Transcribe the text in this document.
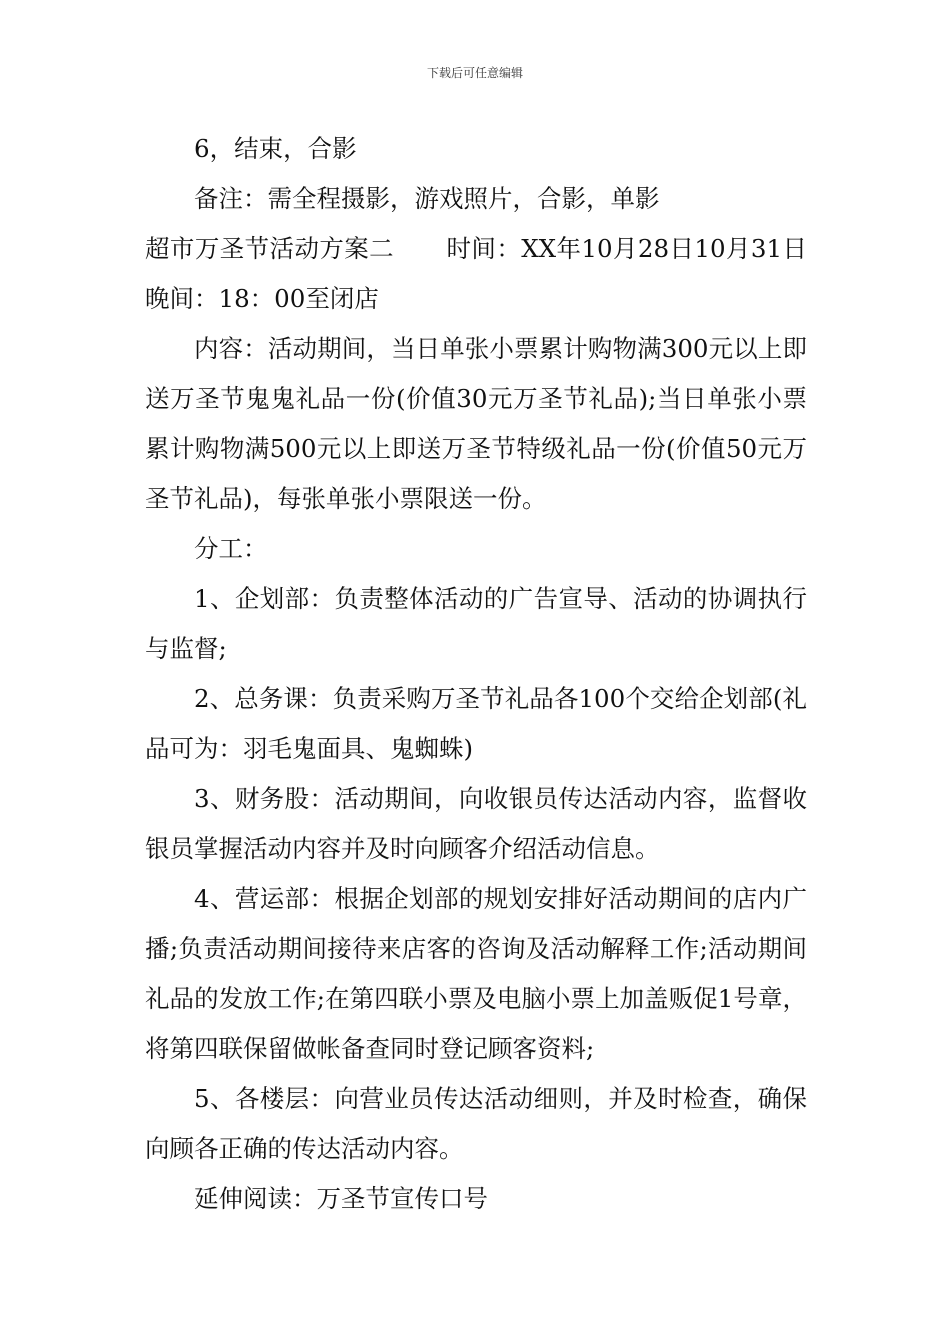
下载后可任意编辑

6，结束，合影

备注：需全程摄影，游戏照片，合影，单影

超市万圣节活动方案二 时间：XX年10月28日10月31日晚间：18：00至闭店

内容：活动期间，当日单张小票累计购物满300元以上即送万圣节鬼鬼礼品一份(价值30元万圣节礼品);当日单张小票累计购物满500元以上即送万圣节特级礼品一份(价值50元万圣节礼品)，每张单张小票限送一份。

分工：

1、企划部：负责整体活动的广告宣导、活动的协调执行与监督;

2、总务课：负责采购万圣节礼品各100个交给企划部(礼品可为：羽毛鬼面具、鬼蜘蛛)

3、财务股：活动期间，向收银员传达活动内容，监督收银员掌握活动内容并及时向顾客介绍活动信息。

4、营运部：根据企划部的规划安排好活动期间的店内广播;负责活动期间接待来店客的咨询及活动解释工作;活动期间礼品的发放工作;在第四联小票及电脑小票上加盖贩促1号章，将第四联保留做帐备查同时登记顾客资料;

5、各楼层：向营业员传达活动细则，并及时检查，确保向顾各正确的传达活动内容。

延伸阅读：万圣节宣传口号
